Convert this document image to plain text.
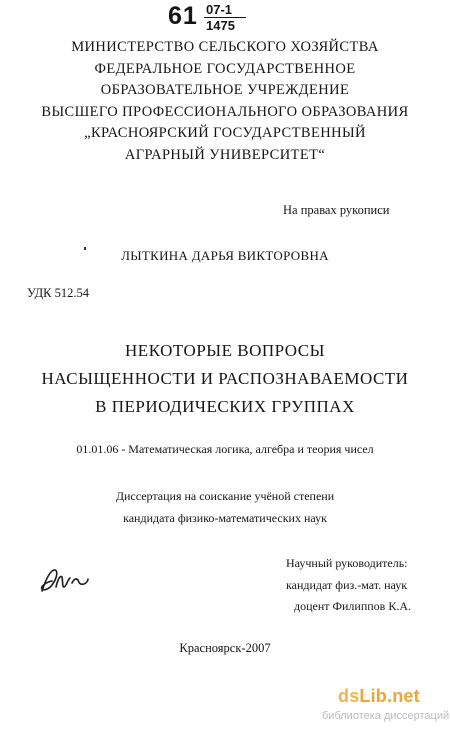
61 07-1
1475
МИНИСТЕРСТВО СЕЛЬСКОГО ХОЗЯЙСТВА
ФЕДЕРАЛЬНОЕ ГОСУДАРСТВЕННОЕ
ОБРАЗОВАТЕЛЬНОЕ УЧРЕЖДЕНИЕ
ВЫСШЕГО ПРОФЕССИОНАЛЬНОГО ОБРАЗОВАНИЯ
„КРАСНОЯРСКИЙ ГОСУДАРСТВЕННЫЙ
АГРАРНЫЙ УНИВЕРСИТЕТ“
На правах рукописи
ЛЫТКИНА ДАРЬЯ ВИКТОРОВНА
УДК 512.54
НЕКОТОРЫЕ ВОПРОСЫ
НАСЫЩЕННОСТИ И РАСПОЗНАВАЕМОСТИ
В ПЕРИОДИЧЕСКИХ ГРУППАХ
01.01.06 - Математическая логика, алгебра и теория чисел
Диссертация на соискание учёной степени
кандидата физико-математических наук
Научный руководитель:
кандидат физ.-мат. наук
доцент Филиппов К.А.
Красноярск-2007
dsLib.net
библиотека диссертаций
